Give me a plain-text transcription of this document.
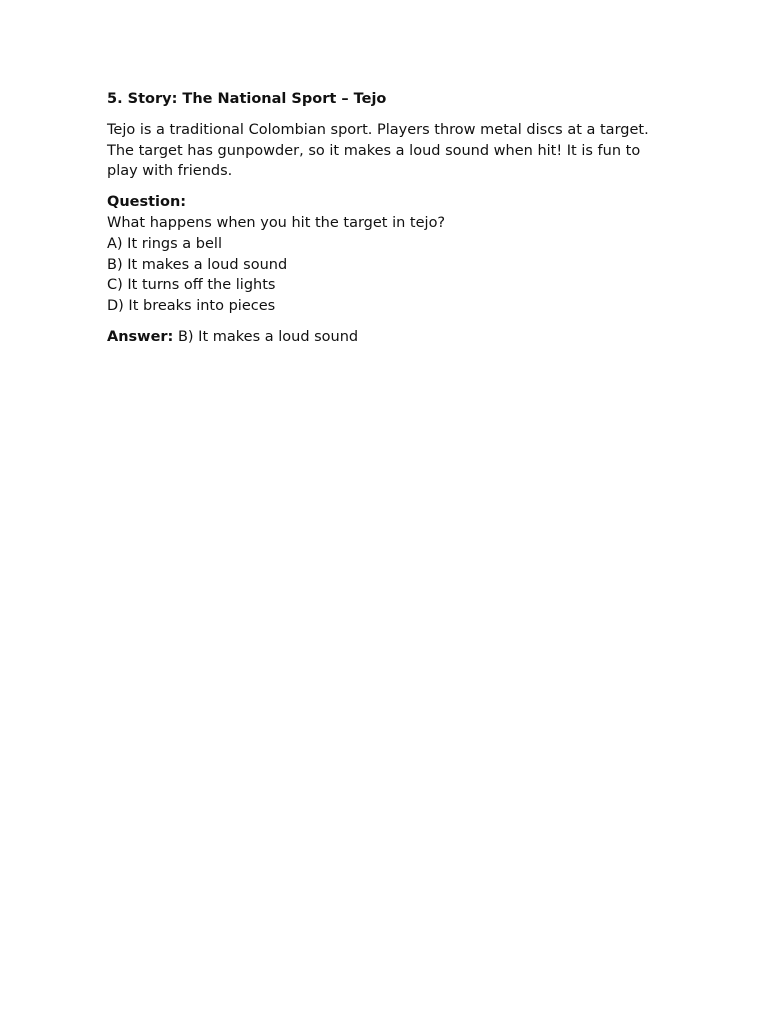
5. Story: The National Sport – Tejo
Tejo is a traditional Colombian sport. Players throw metal discs at a target. The target has gunpowder, so it makes a loud sound when hit! It is fun to play with friends.
Question:
What happens when you hit the target in tejo?
A) It rings a bell
B) It makes a loud sound
C) It turns off the lights
D) It breaks into pieces
Answer: B) It makes a loud sound
